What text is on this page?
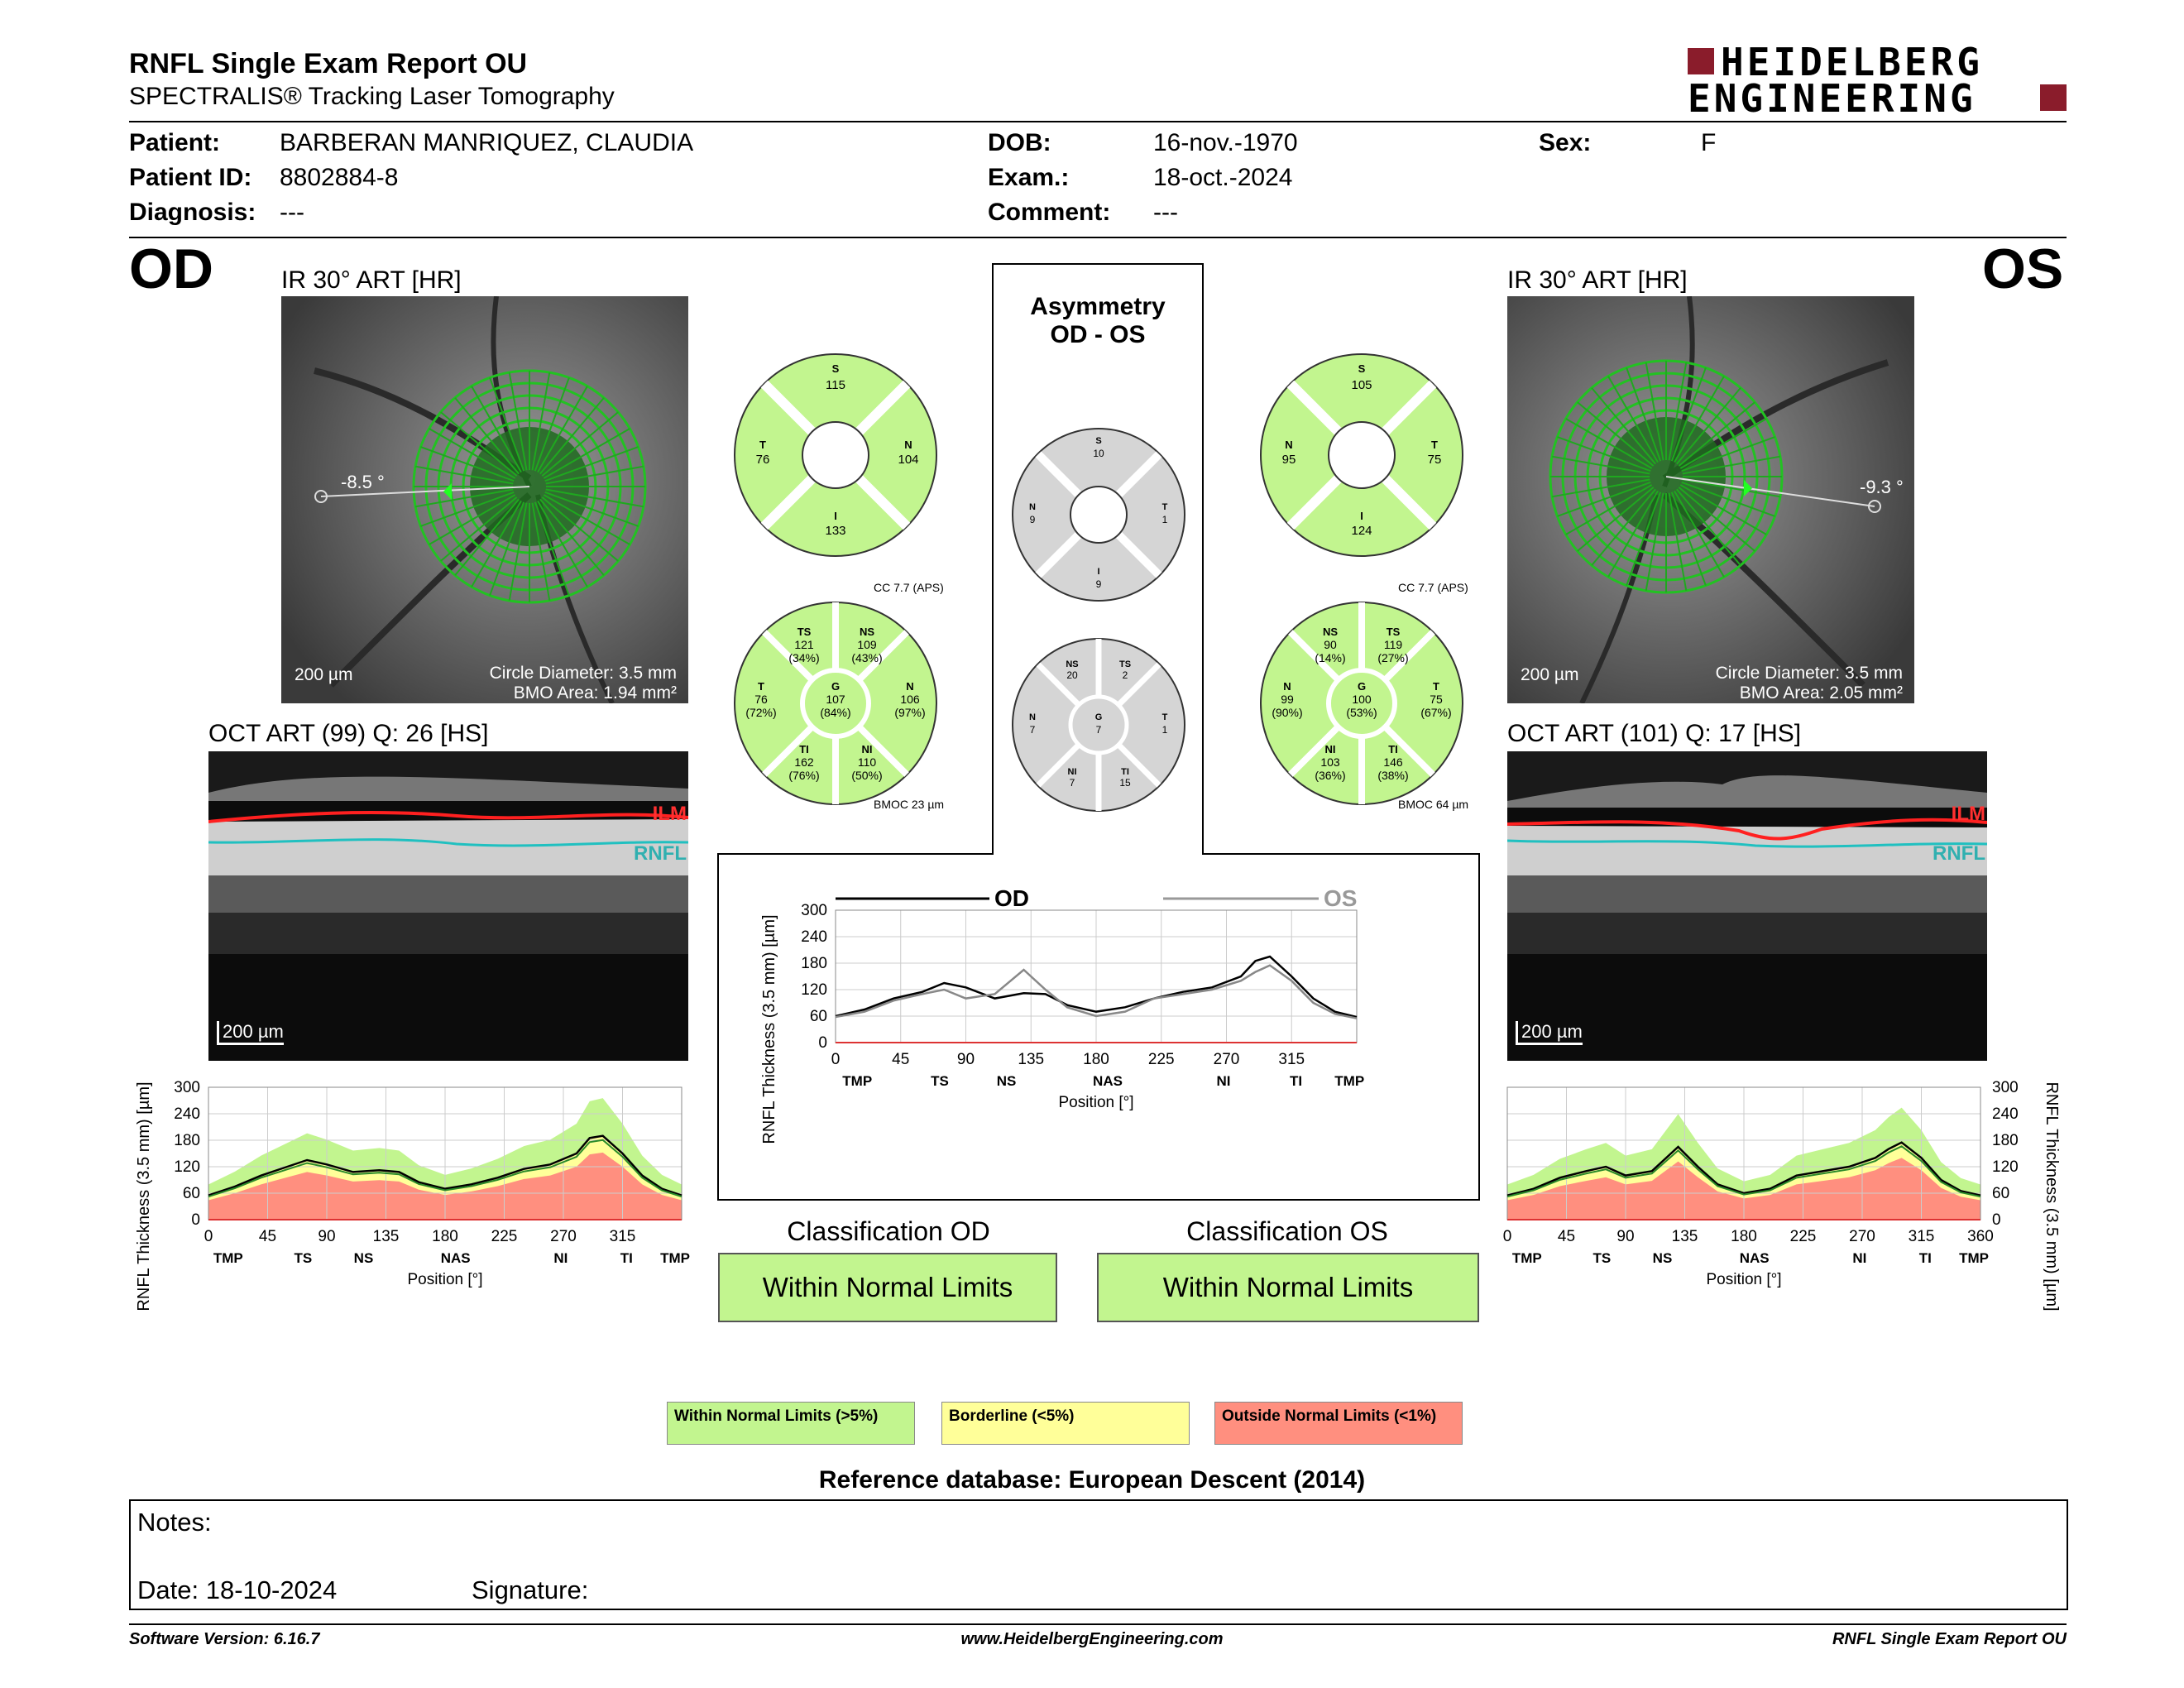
RNFL Single Exam Report OU
SPECTRALIS® Tracking Laser Tomography
HEIDELBERG
ENGINEERING
Patient: BARBERAN MANRIQUEZ, CLAUDIA
Patient ID: 8802884-8
Diagnosis: ---
DOB:	16-nov.-1970
Exam.:	18-oct.-2024
Comment: ---
Sex:	F
OD	IR 30° ART [HR]
-8.5 °
200 µm	Circle Diameter: 3.5 mm
BMO Area: 1.94 mm²
OCT ART (99) Q: 26 [HS]
ILM
RNFL
200 µm
300
240
180
120
60
0
0	45	90 135 180 225 270 315
TMP	TS	NS	NAS	NI	TI TMP
Position [°]
RNFL Thickness (3.5 mm) [µm]
S
115
T
76
N
104
I
133
CC 7.7 (APS)
TS
121
(34%)
NS
109
(43%)
T
76
(72%)
G
107
(84%)
N
106
(97%)
TI
162
(76%)
NI
110
(50%)
BMOC 23 µm
Asymmetry
OD - OS
S
10
N
9
T
1
I
9
NS
20
TS
2
N
7
G
7
T
1
NI
7
TI
15
300
240
180
120
60
0
0	45	90	135 180 225 270 315
TMP	TS	NS	NAS	NI	TI TMP
Position [°]
OD	OS
RNFL Thickness (3.5 mm) [µm]
OS
IR 30° ART [HR]
-9.3 °
200 µm	Circle Diameter: 3.5 mm
BMO Area: 2.05 mm²
OCT ART (101) Q: 17 [HS]
ILM
RNFL
200 µm
300
240
180
120
60
0
0	45	90 135 180 225 270 315 360
TMP	TS	NS	NAS	NI	TI TMP
Position [°]	RNFL Thickness (3.5 mm) [µm]
S
105
N
95
T
75
I
124
CC 7.7 (APS)
NS
90
(14%)
TS
119
(27%)
N
99
(90%)
G
100
(53%)
T
75
(67%)
NI
103
(36%)
TI
146
(38%)
BMOC 64 µm
Classification OD
Within Normal Limits
Classification OS
Within Normal Limits
Within Normal Limits (>5%)	Borderline (<5%)	Outside Normal Limits (<1%)
Reference database: European Descent (2014)
Notes:
Date: 18-10-2024	Signature:
Software Version: 6.16.7	www.HeidelbergEngineering.com	RNFL Single Exam Report OU
